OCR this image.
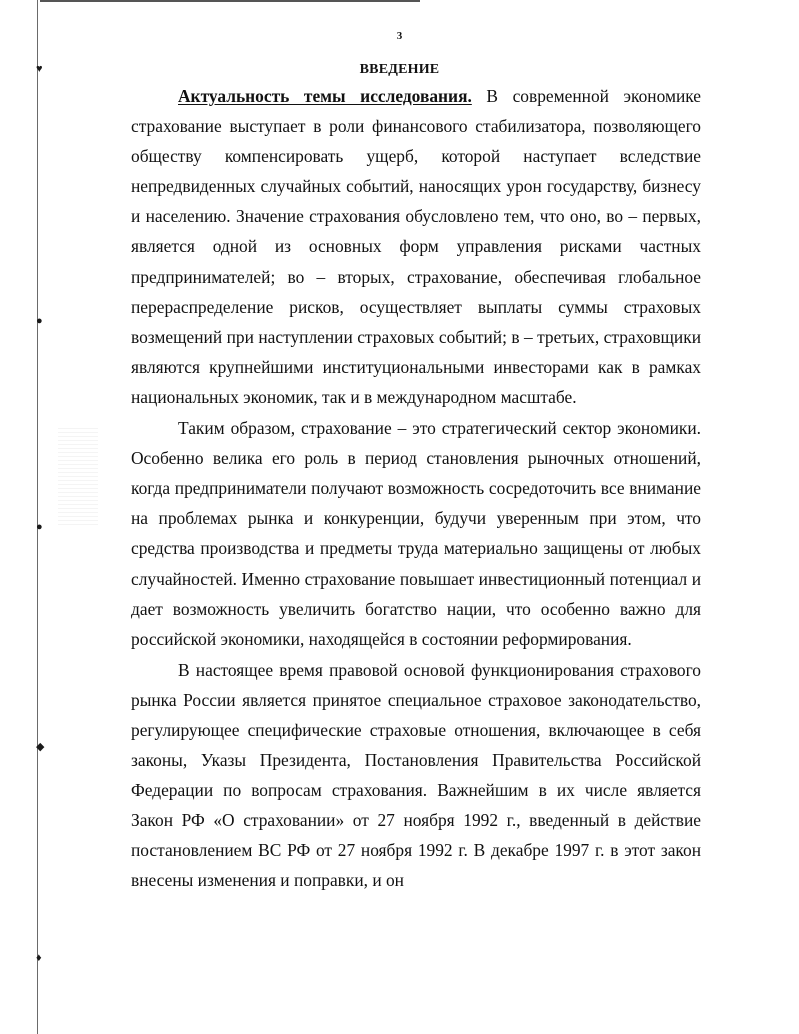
♥
●
●
◆
♦
3
ВВЕДЕНИЕ

Актуальность темы исследования. В современной экономике страхование выступает в роли финансового стабилизатора, позволяющего обществу компенсировать ущерб, которой наступает вследствие непредвиденных случайных событий, наносящих урон государству, бизнесу и населению. Значение страхования обусловлено тем, что оно, во – первых, является одной из основных форм управления рисками частных предпринимателей; во – вторых, страхование, обеспечивая глобальное перераспределение рисков, осуществляет выплаты суммы страховых возмещений при наступлении страховых событий; в – третьих, страховщики являются крупнейшими институциональными инвесторами как в рамках национальных экономик, так и в международном масштабе.

Таким образом, страхование – это стратегический сектор экономики. Особенно велика его роль в период становления рыночных отношений, когда предприниматели получают возможность сосредоточить все внимание на проблемах рынка и конкуренции, будучи уверенным при этом, что средства производства и предметы труда материально защищены от любых случайностей. Именно страхование повышает инвестиционный потенциал и дает возможность увеличить богатство нации, что особенно важно для российской экономики, находящейся в состоянии реформирования.

В настоящее время правовой основой функционирования страхового рынка России является принятое специальное страховое законодательство, регулирующее специфические страховые отношения, включающее в себя законы, Указы Президента, Постановления Правительства Российской Федерации по вопросам страхования. Важнейшим в их числе является Закон РФ «О страховании» от 27 ноября 1992 г., введенный в действие постановлением ВС РФ от 27 ноября 1992 г. В декабре 1997 г. в этот закон внесены изменения и поправки, и он
